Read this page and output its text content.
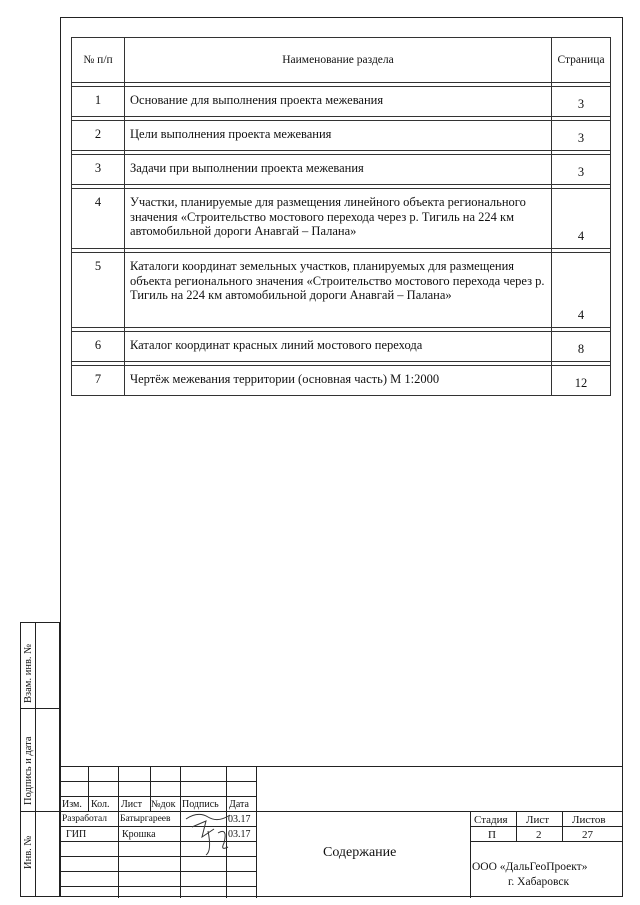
№ п/п	Наименование раздела	Страница

1	Основание для выполнения проекта межевания	3

2	Цели выполнения проекта межевания	3

3	Задачи при выполнении проекта межевания	3

4	Участки, планируемые для размещения линейного объекта регионального значения «Строительство мостового перехода через р. Тигиль на 224 км автомобильной дороги Анавгай – Палана»	4

5	Каталоги координат земельных участков, планируемых для размещения объекта регионального значения «Строительство мостового перехода через р. Тигиль на 224 км автомобильной дороги Анавгай – Палана»	4

6	Каталог координат красных линий мостового перехода	8

7	Чертёж межевания территории (основная часть) М 1:2000	12
Взам. инв. №
Подпись и дата
Инв. №
Изм. Кол. Лист №док Подпись Дата
Разработал Батыргареев	03.17
ГИП	Крошка	03.17
Содержание
Стадия Лист Листов
П	2	27
ООО «ДальГеоПроект»
г. Хабаровск
